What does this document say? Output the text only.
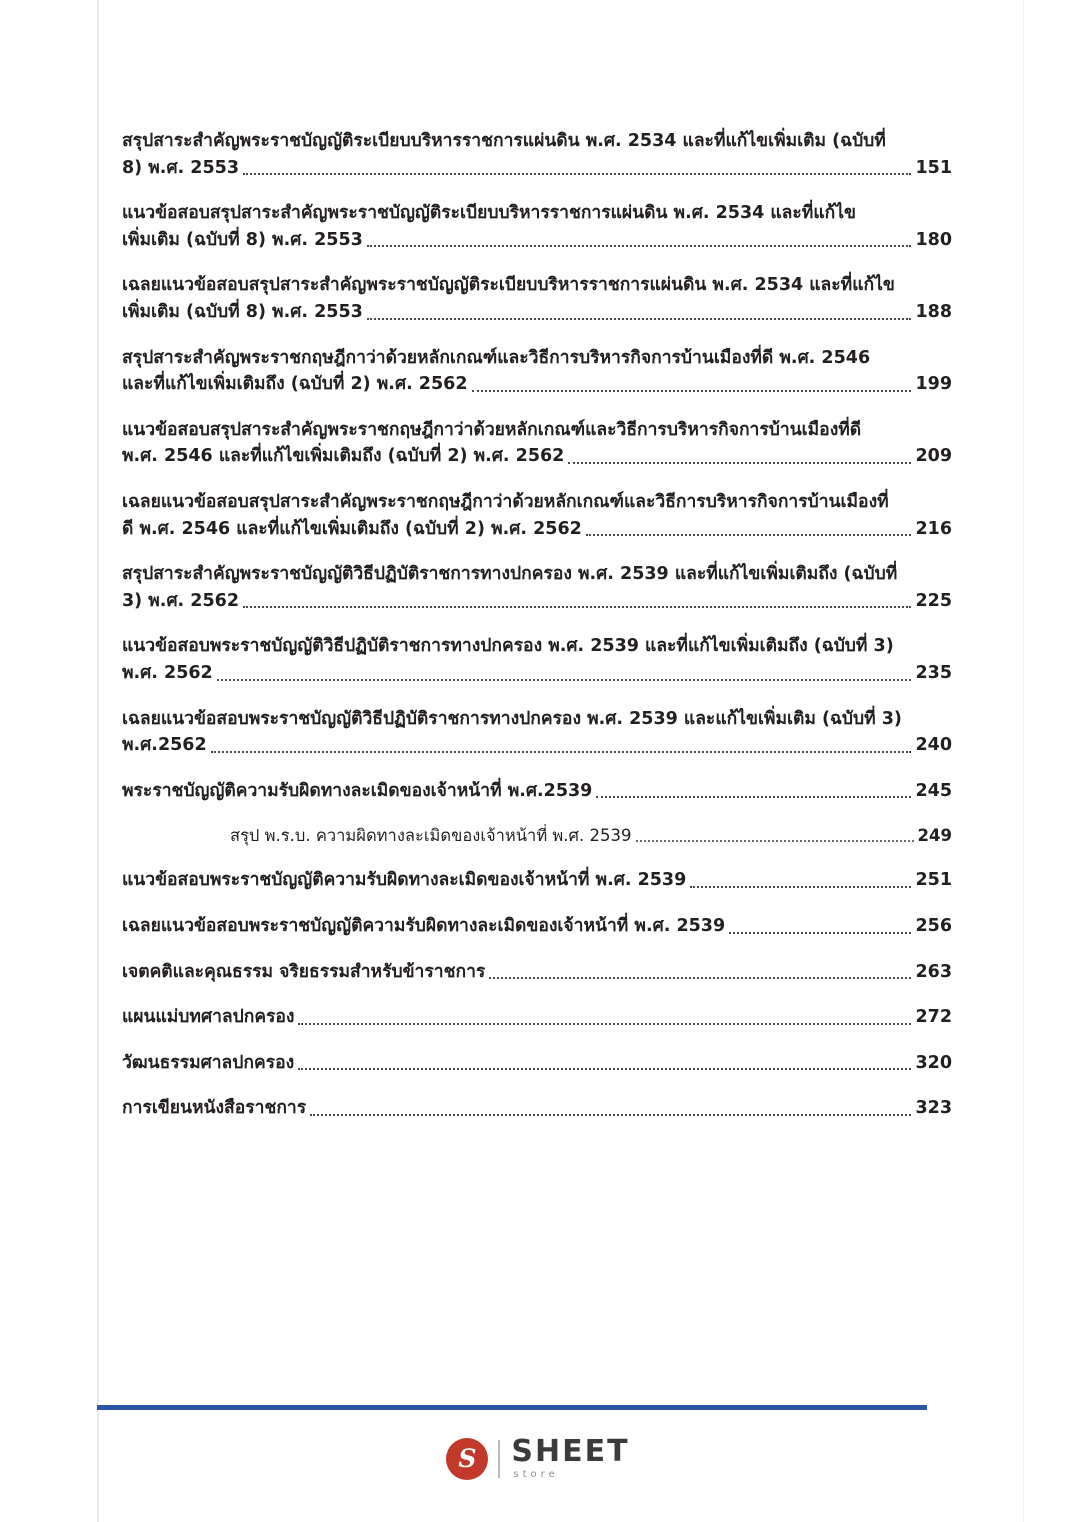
สรุปสาระสำคัญพระราชบัญญัติระเบียบบริหารราชการแผ่นดิน พ.ศ. 2534 และที่แก้ไขเพิ่มเติม (ฉบับที่
8) พ.ศ. 2553	151
แนวข้อสอบสรุปสาระสำคัญพระราชบัญญัติระเบียบบริหารราชการแผ่นดิน พ.ศ. 2534 และที่แก้ไข
เพิ่มเติม (ฉบับที่ 8) พ.ศ. 2553	180
เฉลยแนวข้อสอบสรุปสาระสำคัญพระราชบัญญัติระเบียบบริหารราชการแผ่นดิน พ.ศ. 2534 และที่แก้ไข
เพิ่มเติม (ฉบับที่ 8) พ.ศ. 2553	188
สรุปสาระสำคัญพระราชกฤษฎีกาว่าด้วยหลักเกณฑ์และวิธีการบริหารกิจการบ้านเมืองที่ดี พ.ศ. 2546
และที่แก้ไขเพิ่มเติมถึง (ฉบับที่ 2) พ.ศ. 2562	199
แนวข้อสอบสรุปสาระสำคัญพระราชกฤษฎีกาว่าด้วยหลักเกณฑ์และวิธีการบริหารกิจการบ้านเมืองที่ดี
พ.ศ. 2546 และที่แก้ไขเพิ่มเติมถึง (ฉบับที่ 2) พ.ศ. 2562	209
เฉลยแนวข้อสอบสรุปสาระสำคัญพระราชกฤษฎีกาว่าด้วยหลักเกณฑ์และวิธีการบริหารกิจการบ้านเมืองที่
ดี พ.ศ. 2546 และที่แก้ไขเพิ่มเติมถึง (ฉบับที่ 2) พ.ศ. 2562	216
สรุปสาระสำคัญพระราชบัญญัติวิธีปฏิบัติราชการทางปกครอง พ.ศ. 2539 และที่แก้ไขเพิ่มเติมถึง (ฉบับที่
3) พ.ศ. 2562	225
แนวข้อสอบพระราชบัญญัติวิธีปฏิบัติราชการทางปกครอง พ.ศ. 2539 และที่แก้ไขเพิ่มเติมถึง (ฉบับที่ 3)
พ.ศ. 2562	235
เฉลยแนวข้อสอบพระราชบัญญัติวิธีปฏิบัติราชการทางปกครอง พ.ศ. 2539 และแก้ไขเพิ่มเติม (ฉบับที่ 3)
พ.ศ.2562	240
พระราชบัญญัติความรับผิดทางละเมิดของเจ้าหน้าที่ พ.ศ.2539	245
สรุป พ.ร.บ. ความผิดทางละเมิดของเจ้าหน้าที่ พ.ศ. 2539	249
แนวข้อสอบพระราชบัญญัติความรับผิดทางละเมิดของเจ้าหน้าที่ พ.ศ. 2539	251
เฉลยแนวข้อสอบพระราชบัญญัติความรับผิดทางละเมิดของเจ้าหน้าที่ พ.ศ. 2539	256
เจตคติและคุณธรรม จริยธรรมสำหรับข้าราชการ	263
แผนแม่บทศาลปกครอง	272
วัฒนธรรมศาลปกครอง	320
การเขียนหนังสือราชการ	323
S	SHEET
store
